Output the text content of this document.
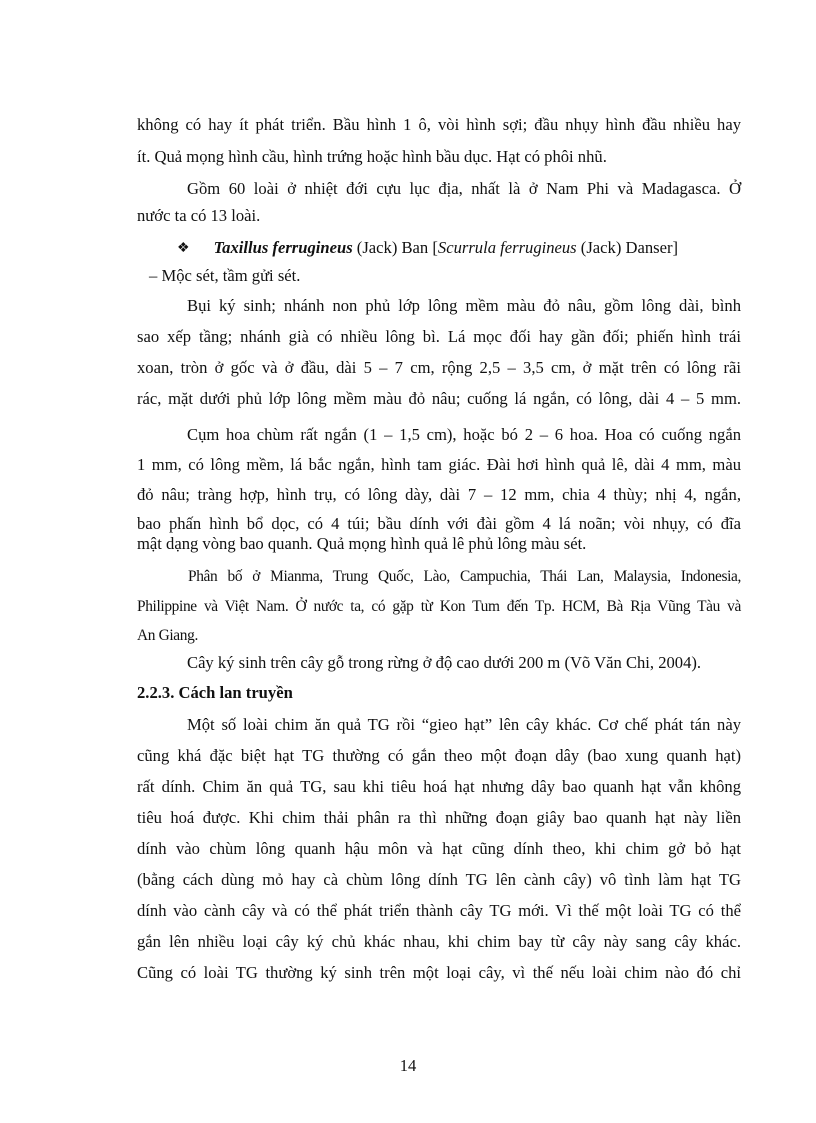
không có hay ít phát triển. Bầu hình 1 ô, vòi hình sợi; đầu nhụy hình đầu nhiều hay
ít. Quả mọng hình cầu, hình trứng hoặc hình bầu dục. Hạt có phôi nhũ.
Gồm 60 loài ở nhiệt đới cựu lục địa, nhất là ở Nam Phi và Madagasca. Ở
nước ta có 13 loài.
❖ Taxillus ferrugineus (Jack) Ban [Scurrula ferrugineus (Jack) Danser]
– Mộc sét, tầm gửi sét.
Bụi ký sinh; nhánh non phủ lớp lông mềm màu đỏ nâu, gồm lông dài, bình
sao xếp tầng; nhánh già có nhiều lông bì. Lá mọc đối hay gần đối; phiến hình trái
xoan, tròn ở gốc và ở đầu, dài 5 – 7 cm, rộng 2,5 – 3,5 cm, ở mặt trên có lông rãi
rác, mặt dưới phủ lớp lông mềm màu đỏ nâu; cuống lá ngắn, có lông, dài 4 – 5 mm.
Cụm hoa chùm rất ngắn (1 – 1,5 cm), hoặc bó 2 – 6 hoa. Hoa có cuống ngắn
1 mm, có lông mềm, lá bắc ngắn, hình tam giác. Đài hơi hình quả lê, dài 4 mm, màu
đỏ nâu; tràng hợp, hình trụ, có lông dày, dài 7 – 12 mm, chia 4 thùy; nhị 4, ngắn,
bao phấn hình bổ dọc, có 4 túi; bầu dính với đài gồm 4 lá noãn; vòi nhụy, có đĩa
mật dạng vòng bao quanh. Quả mọng hình quả lê phủ lông màu sét.
Phân bố ở Mianma, Trung Quốc, Lào, Campuchia, Thái Lan, Malaysia, Indonesia,
Philippine và Việt Nam. Ở nước ta, có gặp từ Kon Tum đến Tp. HCM, Bà Rịa Vũng Tàu và
An Giang.
Cây ký sinh trên cây gỗ trong rừng ở độ cao dưới 200 m (Võ Văn Chi, 2004).
2.2.3. Cách lan truyền
Một số loài chim ăn quả TG rồi “gieo hạt” lên cây khác. Cơ chế phát tán này
cũng khá đặc biệt hạt TG thường có gắn theo một đoạn dây (bao xung quanh hạt)
rất dính. Chim ăn quả TG, sau khi tiêu hoá hạt nhưng dây bao quanh hạt vẫn không
tiêu hoá được. Khi chim thải phân ra thì những đoạn giây bao quanh hạt này liền
dính vào chùm lông quanh hậu môn và hạt cũng dính theo, khi chim gở bỏ hạt
(bằng cách dùng mỏ hay cà chùm lông dính TG lên cành cây) vô tình làm hạt TG
dính vào cành cây và có thể phát triển thành cây TG mới. Vì thế một loài TG có thể
gắn lên nhiều loại cây ký chủ khác nhau, khi chim bay từ cây này sang cây khác.
Cũng có loài TG thường ký sinh trên một loại cây, vì thế nếu loài chim nào đó chỉ
14
